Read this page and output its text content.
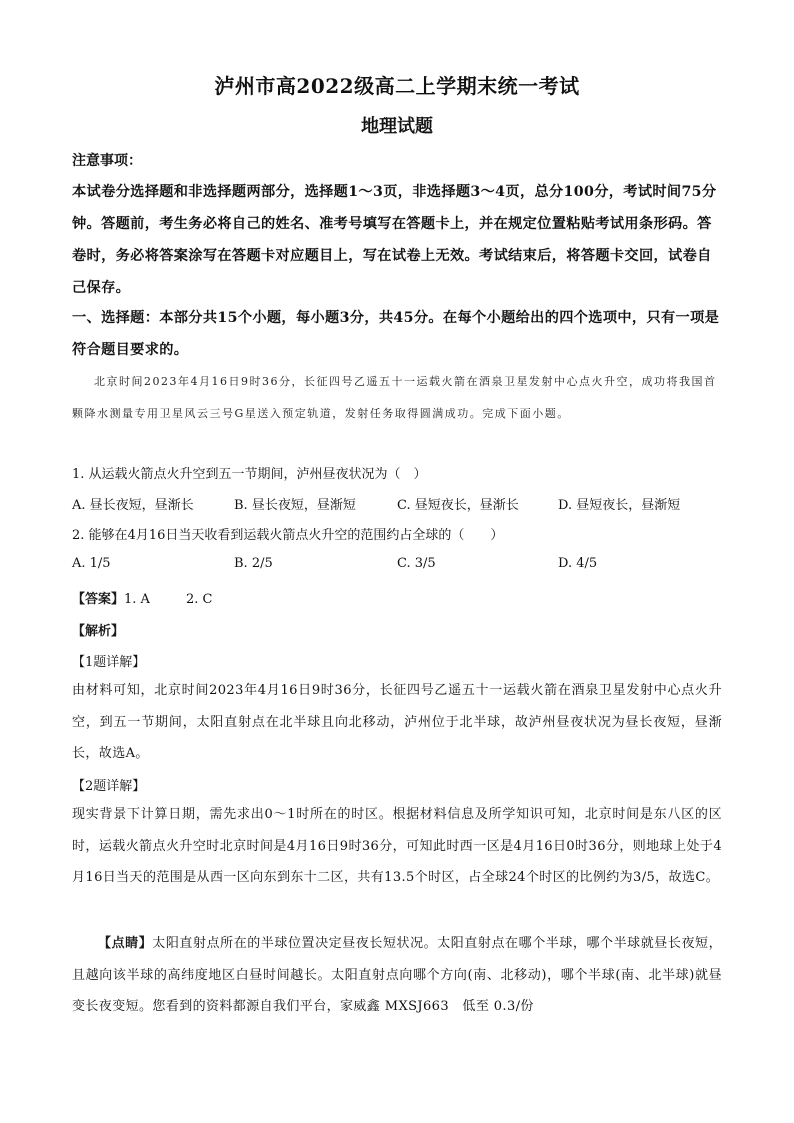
泸州市高2022级高二上学期末统一考试
地理试题
注意事项：
本试卷分选择题和非选择题两部分，选择题1～3页，非选择题3～4页，总分100分，考试时间75分钟。答题前，考生务必将自己的姓名、准考号填写在答题卡上，并在规定位置粘贴考试用条形码。答卷时，务必将答案涂写在答题卡对应题目上，写在试卷上无效。考试结束后，将答题卡交回，试卷自己保存。
一、选择题：本部分共15个小题，每小题3分，共45分。在每个小题给出的四个选项中，只有一项是符合题目要求的。
北京时间2023年4月16日9时36分，长征四号乙遥五十一运载火箭在酒泉卫星发射中心点火升空，成功将我国首颗降水测量专用卫星风云三号G星送入预定轨道，发射任务取得圆满成功。完成下面小题。
1. 从运载火箭点火升空到五一节期间，泸州昼夜状况为（　）
A. 昼长夜短，昼渐长	B. 昼长夜短，昼渐短	C. 昼短夜长，昼渐长	D. 昼短夜长，昼渐短
2. 能够在4月16日当天收看到运载火箭点火升空的范围约占全球的（　　）
A. 1/5	B. 2/5	C. 3/5	D. 4/5
【答案】1. A	2. C
【解析】
【1题详解】
由材料可知，北京时间2023年4月16日9时36分，长征四号乙遥五十一运载火箭在酒泉卫星发射中心点火升空，到五一节期间，太阳直射点在北半球且向北移动，泸州位于北半球，故泸州昼夜状况为昼长夜短，昼渐长，故选A。
【2题详解】
现实背景下计算日期，需先求出0～1时所在的时区。根据材料信息及所学知识可知，北京时间是东八区的区时，运载火箭点火升空时北京时间是4月16日9时36分，可知此时西一区是4月16日0时36分，则地球上处于4月16日当天的范围是从西一区向东到东十二区，共有13.5个时区，占全球24个时区的比例约为3/5，故选C。
【点睛】太阳直射点所在的半球位置决定昼夜长短状况。太阳直射点在哪个半球，哪个半球就昼长夜短，且越向该半球的高纬度地区白昼时间越长。太阳直射点向哪个方向(南、北移动)，哪个半球(南、北半球)就昼变长夜变短。您看到的资料都源自我们平台，家威鑫 MXSJ663　低至 0.3/份
